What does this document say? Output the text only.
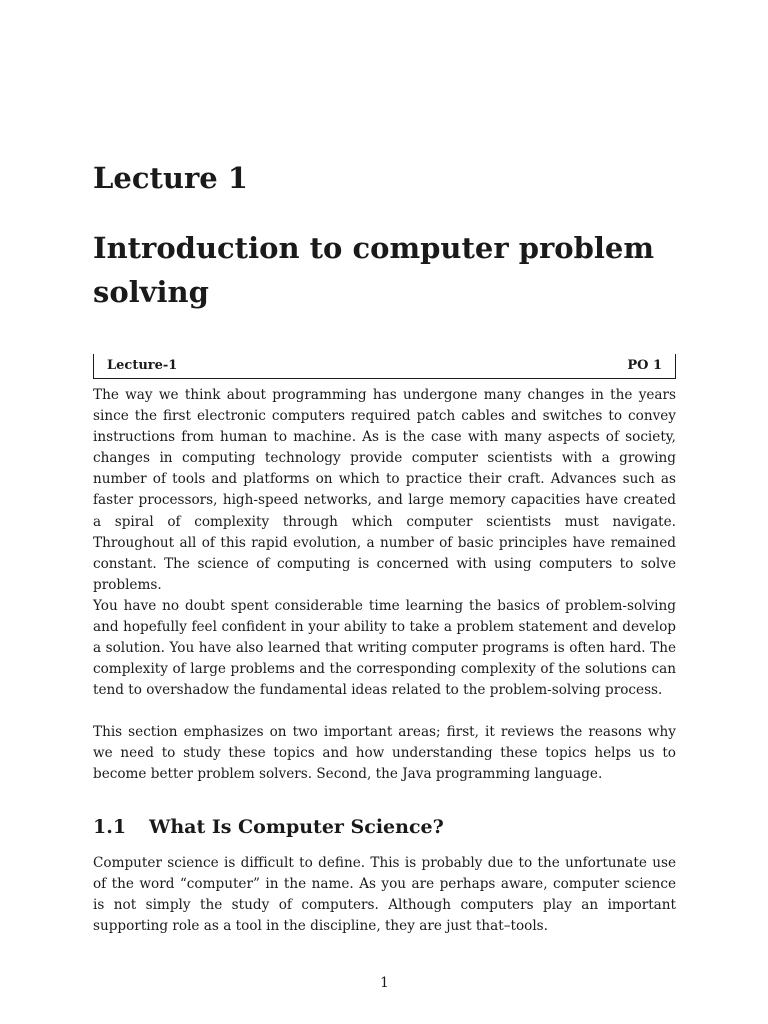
Lecture 1
Introduction to computer problem solving
Lecture-1	PO 1

The way we think about programming has undergone many changes in the years since the first electronic computers required patch cables and switches to convey instructions from human to machine. As is the case with many aspects of society, changes in computing technology provide computer scientists with a growing number of tools and platforms on which to practice their craft. Advances such as faster processors, high-speed networks, and large memory capacities have created a spiral of complexity through which computer scientists must navigate. Throughout all of this rapid evolution, a number of basic principles have remained constant. The science of computing is concerned with using computers to solve problems.

You have no doubt spent considerable time learning the basics of problem-solving and hopefully feel confident in your ability to take a problem statement and develop a solution. You have also learned that writing computer programs is often hard. The complexity of large problems and the corresponding complexity of the solutions can tend to overshadow the fundamental ideas related to the problem-solving process.

This section emphasizes on two important areas; first, it reviews the reasons why we need to study these topics and how understanding these topics helps us to become better problem solvers. Second, the Java programming language.

1.1 What Is Computer Science?

Computer science is difficult to define. This is probably due to the unfortunate use of the word “computer” in the name. As you are perhaps aware, computer science is not simply the study of computers. Although computers play an important supporting role as a tool in the discipline, they are just that–tools.

1
